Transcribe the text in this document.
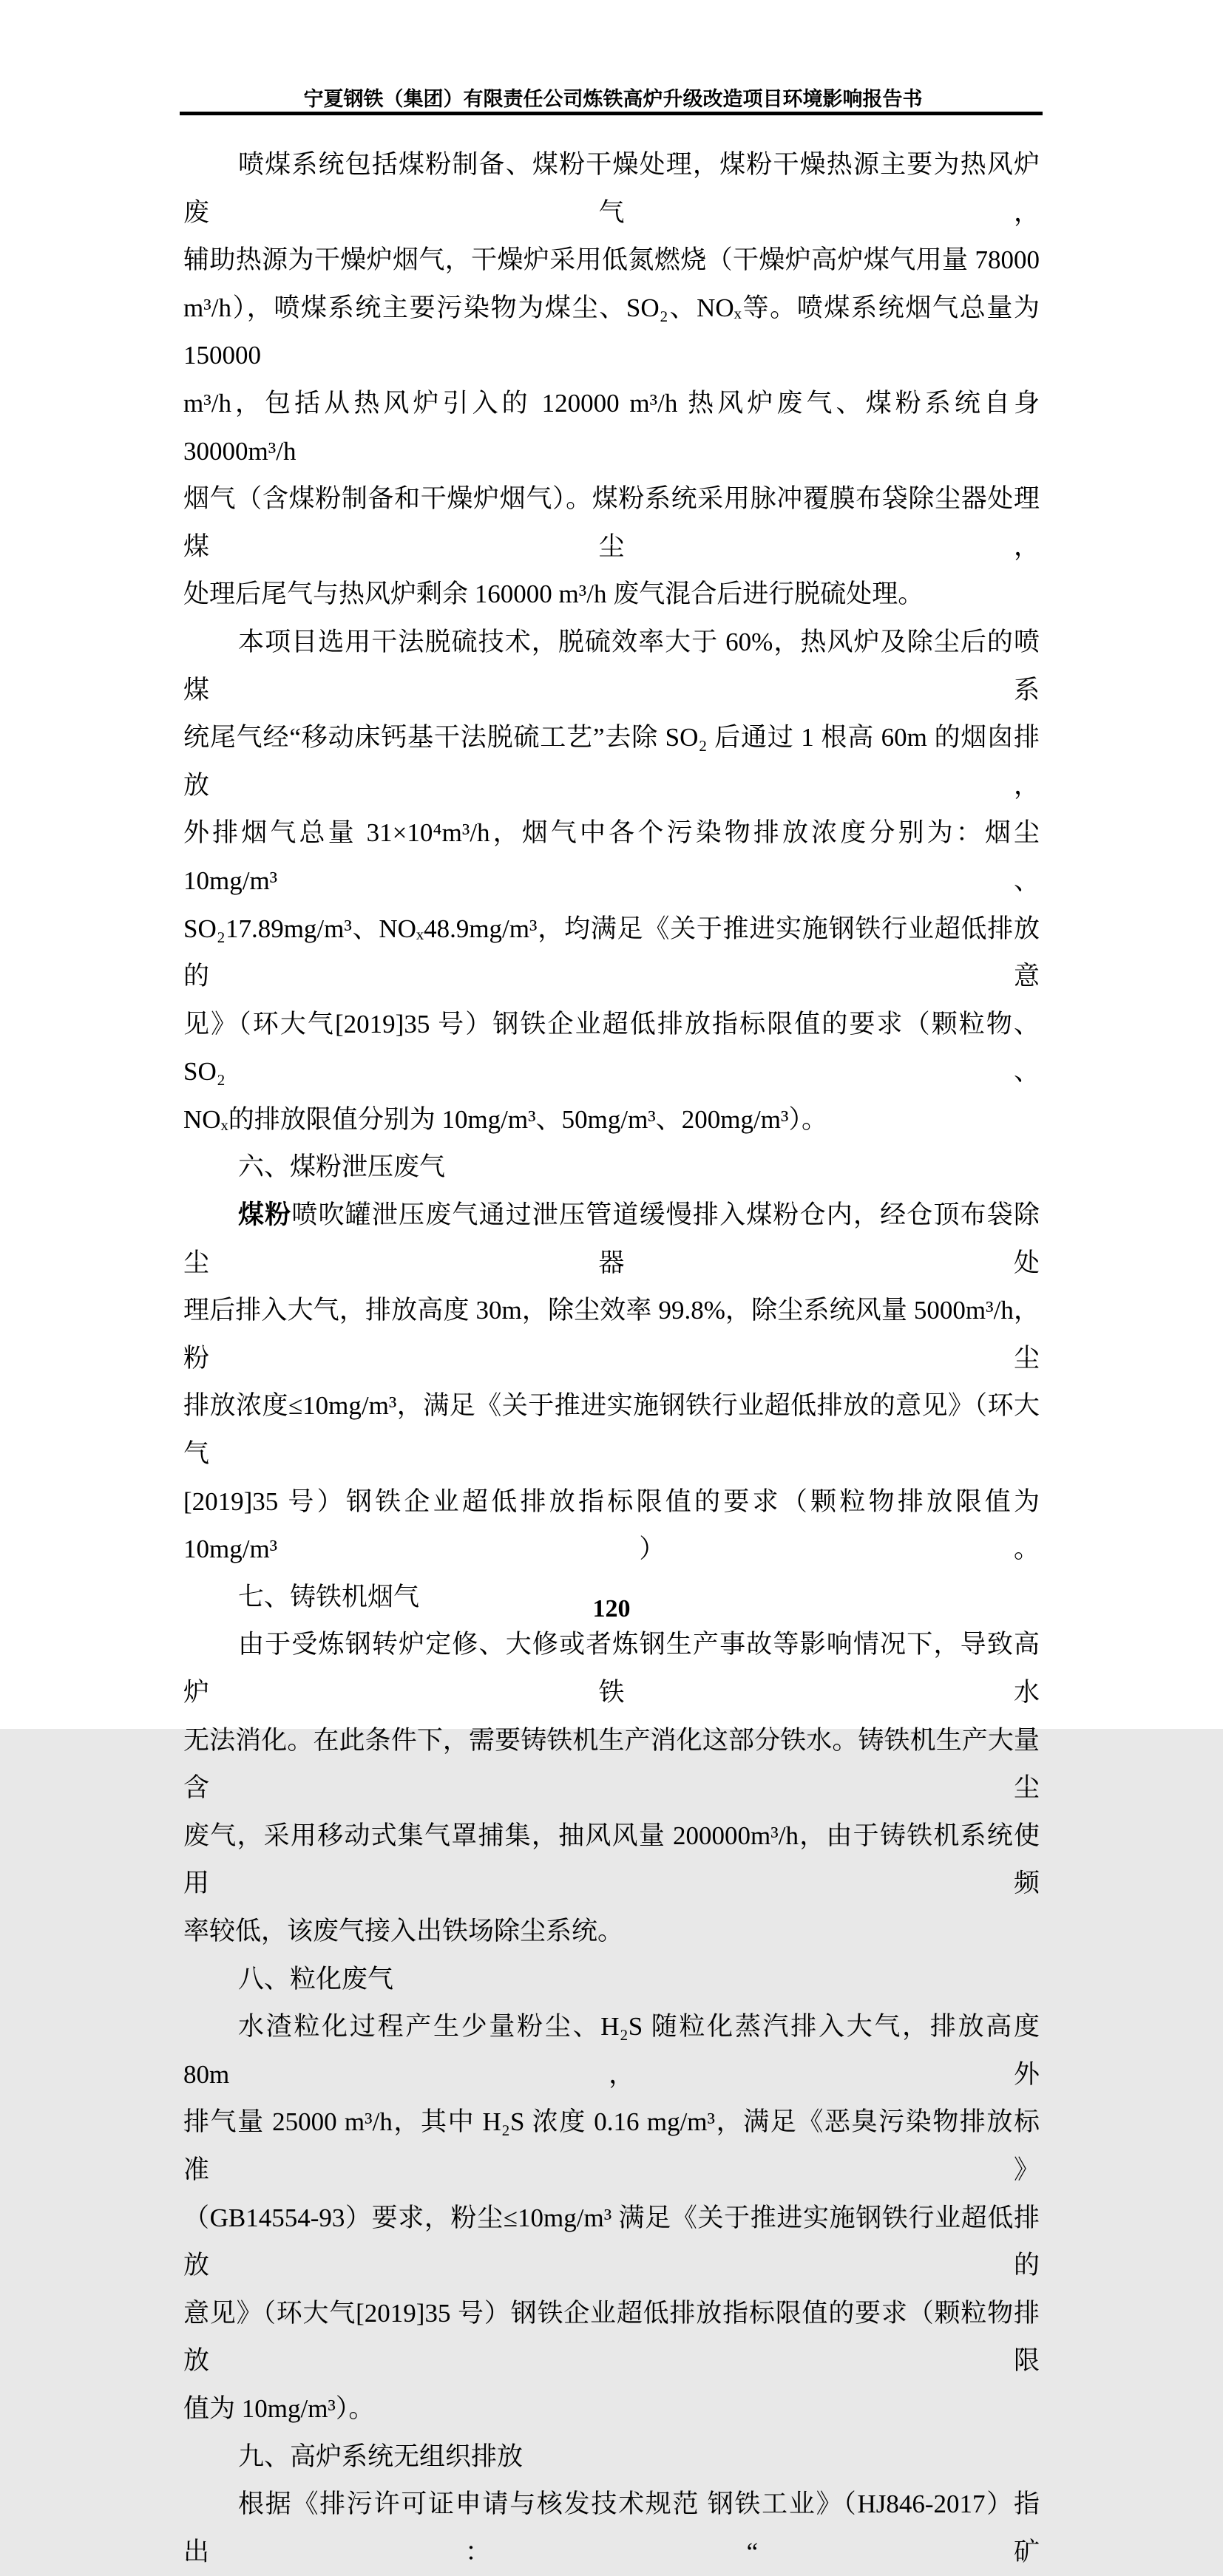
宁夏钢铁（集团）有限责任公司炼铁高炉升级改造项目环境影响报告书
喷煤系统包括煤粉制备、煤粉干燥处理，煤粉干燥热源主要为热风炉废气，
辅助热源为干燥炉烟气，干燥炉采用低氮燃烧（干燥炉高炉煤气用量 78000
m³/h），喷煤系统主要污染物为煤尘、SO₂、NOₓ等。喷煤系统烟气总量为 150000
m³/h，包括从热风炉引入的 120000 m³/h 热风炉废气、煤粉系统自身 30000m³/h
烟气（含煤粉制备和干燥炉烟气）。煤粉系统采用脉冲覆膜布袋除尘器处理煤尘，
处理后尾气与热风炉剩余 160000 m³/h 废气混合后进行脱硫处理。
本项目选用干法脱硫技术，脱硫效率大于 60%，热风炉及除尘后的喷煤系
统尾气经“移动床钙基干法脱硫工艺”去除 SO₂ 后通过 1 根高 60m 的烟囱排放，
外排烟气总量 31×10⁴m³/h，烟气中各个污染物排放浓度分别为：烟尘 10mg/m³、
SO₂17.89mg/m³、NOₓ48.9mg/m³，均满足《关于推进实施钢铁行业超低排放的意
见》（环大气[2019]35 号）钢铁企业超低排放指标限值的要求（颗粒物、SO₂、
NOₓ的排放限值分别为 10mg/m³、50mg/m³、200mg/m³）。
六、煤粉泄压废气
煤粉喷吹罐泄压废气通过泄压管道缓慢排入煤粉仓内，经仓顶布袋除尘器处
理后排入大气，排放高度 30m，除尘效率 99.8%，除尘系统风量 5000m³/h，粉尘
排放浓度≤10mg/m³，满足《关于推进实施钢铁行业超低排放的意见》（环大气
[2019]35 号）钢铁企业超低排放指标限值的要求（颗粒物排放限值为 10mg/m³）。
七、铸铁机烟气
由于受炼钢转炉定修、大修或者炼钢生产事故等影响情况下，导致高炉铁水
无法消化。在此条件下，需要铸铁机生产消化这部分铁水。铸铁机生产大量含尘
废气，采用移动式集气罩捕集，抽风风量 200000m³/h，由于铸铁机系统使用频
率较低，该废气接入出铁场除尘系统。
八、粒化废气
水渣粒化过程产生少量粉尘、H₂S 随粒化蒸汽排入大气，排放高度 80m，外
排气量 25000 m³/h，其中 H₂S 浓度 0.16 mg/m³，满足《恶臭污染物排放标准》
（GB14554-93）要求，粉尘≤10mg/m³ 满足《关于推进实施钢铁行业超低排放的
意见》（环大气[2019]35 号）钢铁企业超低排放指标限值的要求（颗粒物排放限
值为 10mg/m³）。
九、高炉系统无组织排放
根据《排污许可证申请与核发技术规范 钢铁工业》（HJ846-2017）指出：“矿
120
